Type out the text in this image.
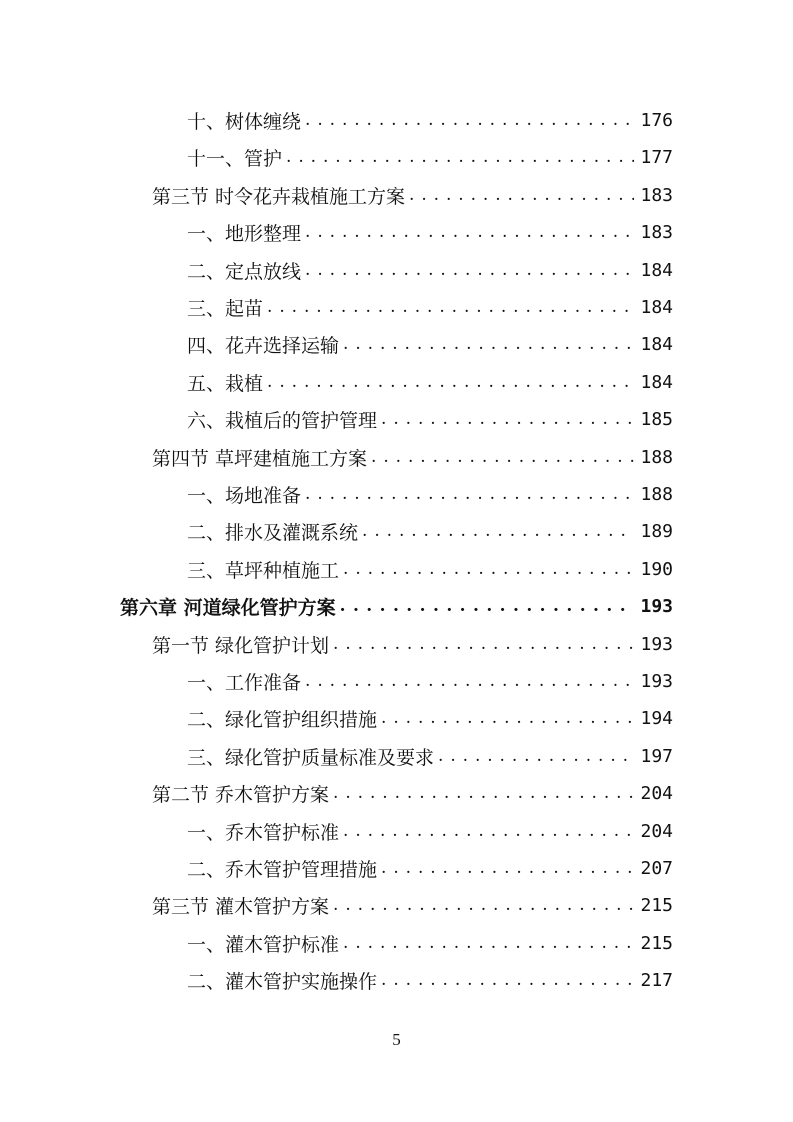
十、树体缠绕 . . .	176
十一、管护 . . .	177
第三节 时令花卉栽植施工方案 . . .	183
一、地形整理 . . .	183
二、定点放线 . . .	184
三、起苗 . . .	184
四、花卉选择运输 . . .	184
五、栽植 . . .	184
六、栽植后的管护管理 . . .	185
第四节 草坪建植施工方案 . . .	188
一、场地准备 . . .	188
二、排水及灌溉系统 . . .	189
三、草坪种植施工 . . .	190
第六章 河道绿化管护方案 . . .	193
第一节 绿化管护计划 . . .	193
一、工作准备 . . .	193
二、绿化管护组织措施 . . .	194
三、绿化管护质量标准及要求 . . .	197
第二节 乔木管护方案 . . .	204
一、乔木管护标准 . . .	204
二、乔木管护管理措施 . . .	207
第三节 灌木管护方案 . . .	215
一、灌木管护标准 . . .	215
二、灌木管护实施操作 . . .	217
5
